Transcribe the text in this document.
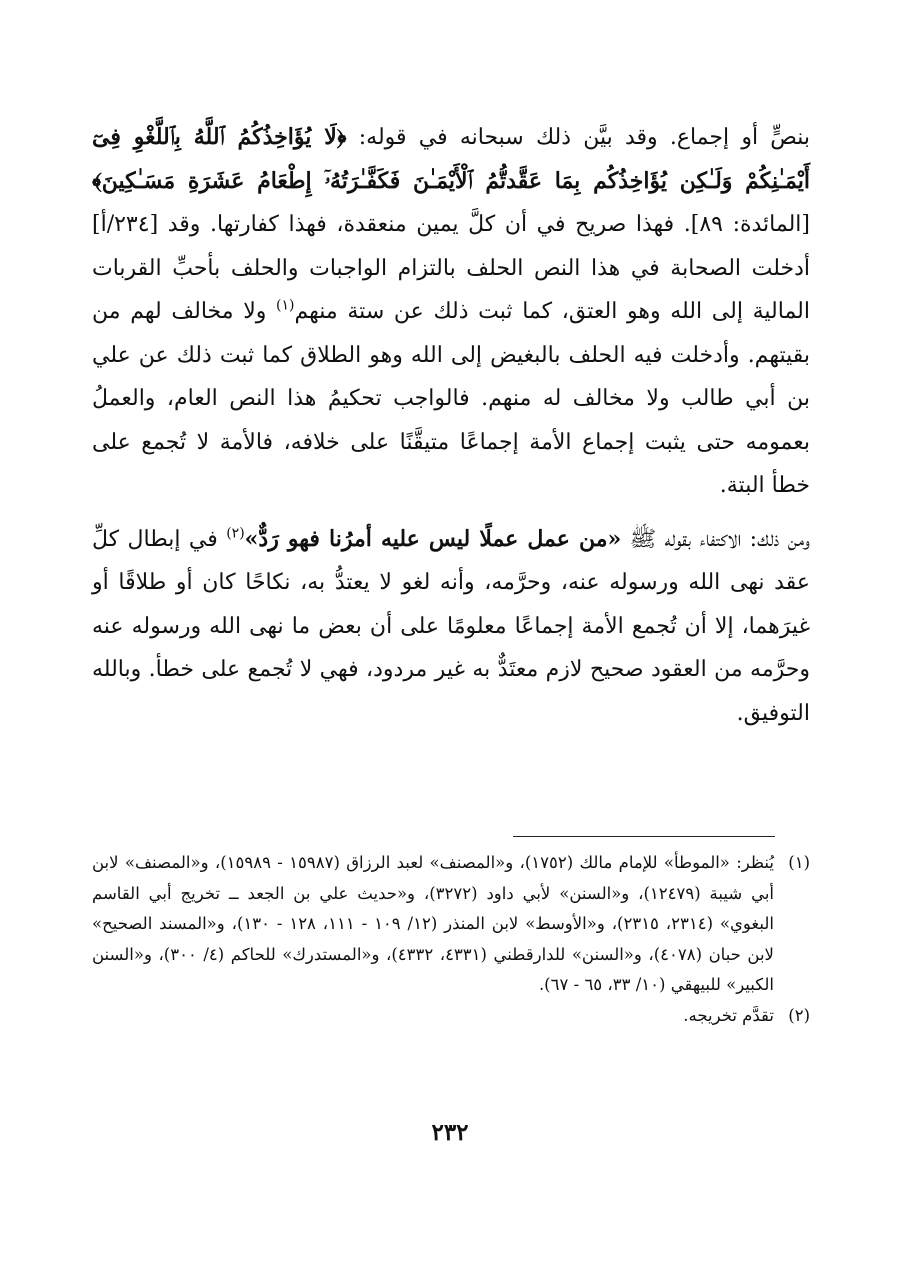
بنصٍّ أو إجماع. وقد بيَّن ذلك سبحانه في قوله: ﴿لَا يُؤَاخِذُكُمُ ٱللَّهُ بِٱللَّغْوِ فِىٓ أَيْمَـٰنِكُمْ وَلَـٰكِن يُؤَاخِذُكُم بِمَا عَقَّدتُّمُ ٱلْأَيْمَـٰنَ فَكَفَّـٰرَتُهُۥٓ إِطْعَامُ عَشَرَةِ مَسَـٰكِينَ﴾ [المائدة: ٨٩]. فهذا صريح في أن كلَّ يمين منعقدة، فهذا كفارتها. وقد [٢٣٤/أ] أدخلت الصحابة في هذا النص الحلف بالتزام الواجبات والحلف بأحبِّ القربات المالية إلى الله وهو العتق، كما ثبت ذلك عن ستة منهم$^{(١)}$ ولا مخالف لهم من بقيتهم. وأدخلت فيه الحلف بالبغيض إلى الله وهو الطلاق كما ثبت ذلك عن علي بن أبي طالب ولا مخالف له منهم. فالواجب تحكيمُ هذا النص العام، والعملُ بعمومه حتى يثبت إجماع الأمة إجماعًا متيقَّنًا على خلافه، فالأمة لا تُجمع على خطأ البتة.

ومن ذلك: الاكتفاء بقوله ﷺ «من عمل عملًا ليس عليه أمرُنا فهو رَدٌّ»$^{(٢)}$ في إبطال كلِّ عقد نهى الله ورسوله عنه، وحرَّمه، وأنه لغو لا يعتدُّ به، نكاحًا كان أو طلاقًا أو غيرَهما، إلا أن تُجمع الأمة إجماعًا معلومًا على أن بعض ما نهى الله ورسوله عنه وحرَّمه من العقود صحيح لازم معتَدٌّ به غير مردود، فهي لا تُجمع على خطأ. وبالله التوفيق.

(١)
يُنظر: «الموطأ» للإمام مالك (١٧٥٢)، و«المصنف» لعبد الرزاق (١٥٩٨٧ - ١٥٩٨٩)، و«المصنف» لابن أبي شيبة (١٢٤٧٩)، و«السنن» لأبي داود (٣٢٧٢)، و«حديث علي بن الجعد ــ تخريج أبي القاسم البغوي» (٢٣١٤، ٢٣١٥)، و«الأوسط» لابن المنذر (١٢/ ١٠٩ - ١١١، ١٢٨ - ١٣٠)، و«المسند الصحيح» لابن حبان (٤٠٧٨)، و«السنن» للدارقطني (٤٣٣١، ٤٣٣٢)، و«المستدرك» للحاكم (٤/ ٣٠٠)، و«السنن الكبير» للبيهقي (١٠/ ٣٣، ٦٥ - ٦٧).

(٢)
تقدَّم تخريجه.

٢٣٢
